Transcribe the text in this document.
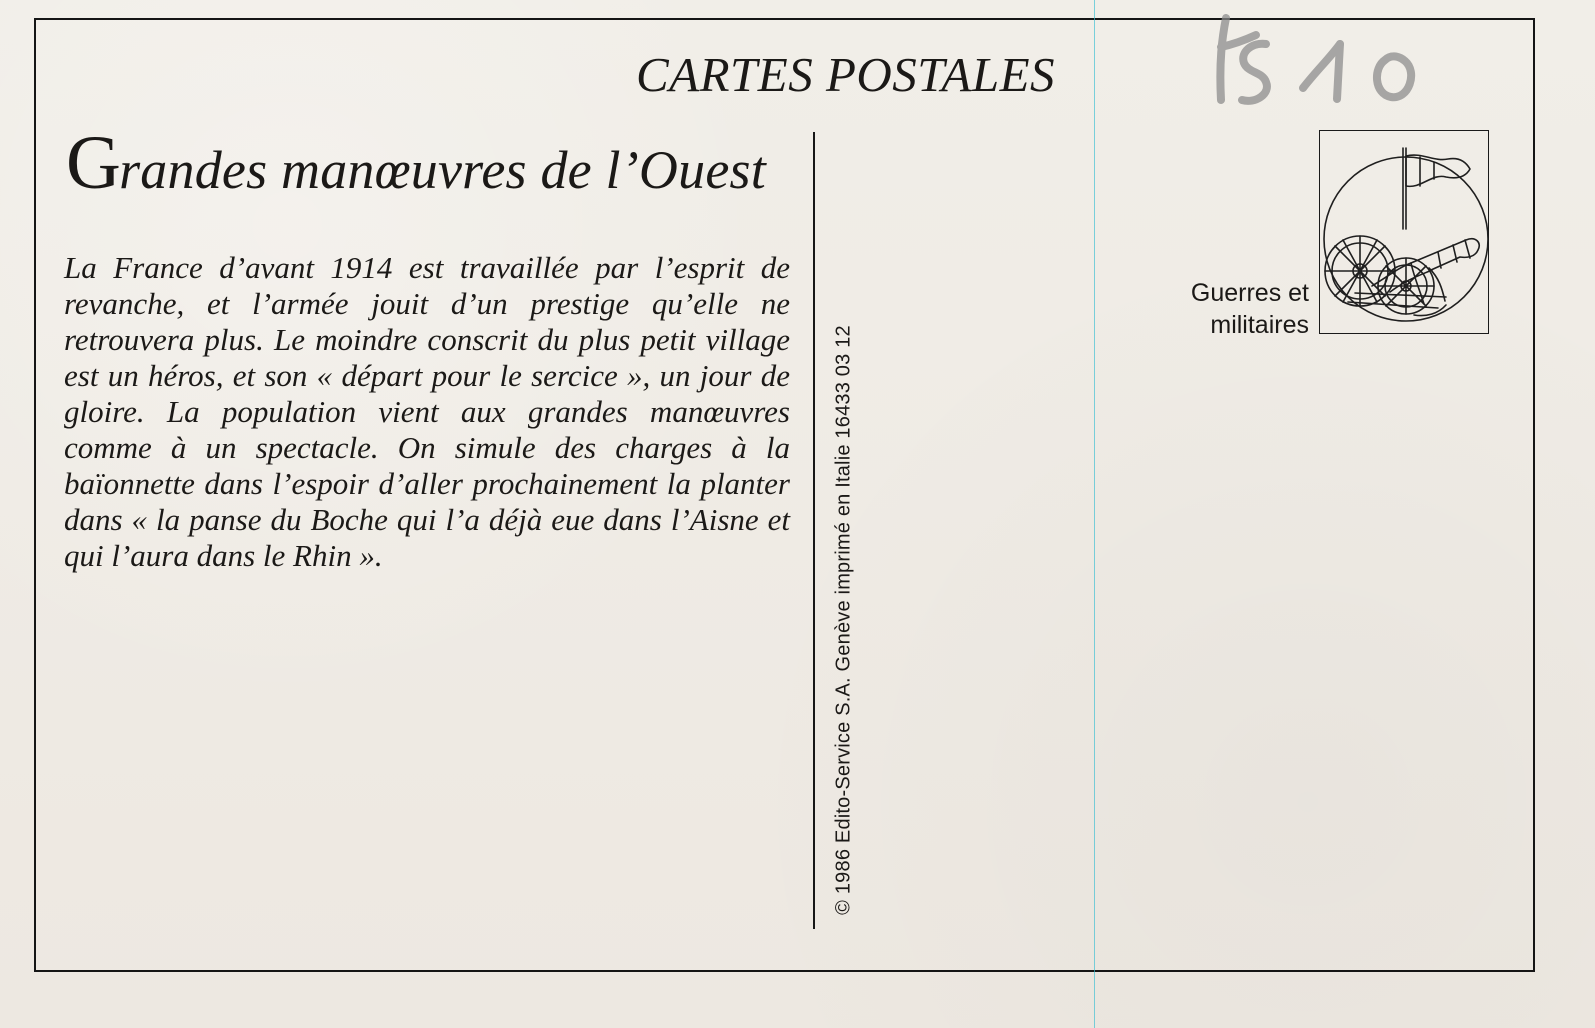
CARTES POSTALES
Grandes manœuvres de l’Ouest

La France d’avant 1914 est travaillée par l’esprit de revanche, et l’armée jouit d’un prestige qu’elle ne retrouvera plus. Le moindre conscrit du plus petit village est un héros, et son « départ pour le sercice », un jour de gloire. La population vient aux grandes manœuvres comme à un spectacle. On simule des charges à la baïonnette dans l’espoir d’aller prochainement la planter dans « la panse du Boche qui l’a déjà eue dans l’Aisne et qui l’aura dans le Rhin ».	© 1986 Edito-Service S.A. Genève imprimé en Italie 16433 03 12
Guerres et
militaires
